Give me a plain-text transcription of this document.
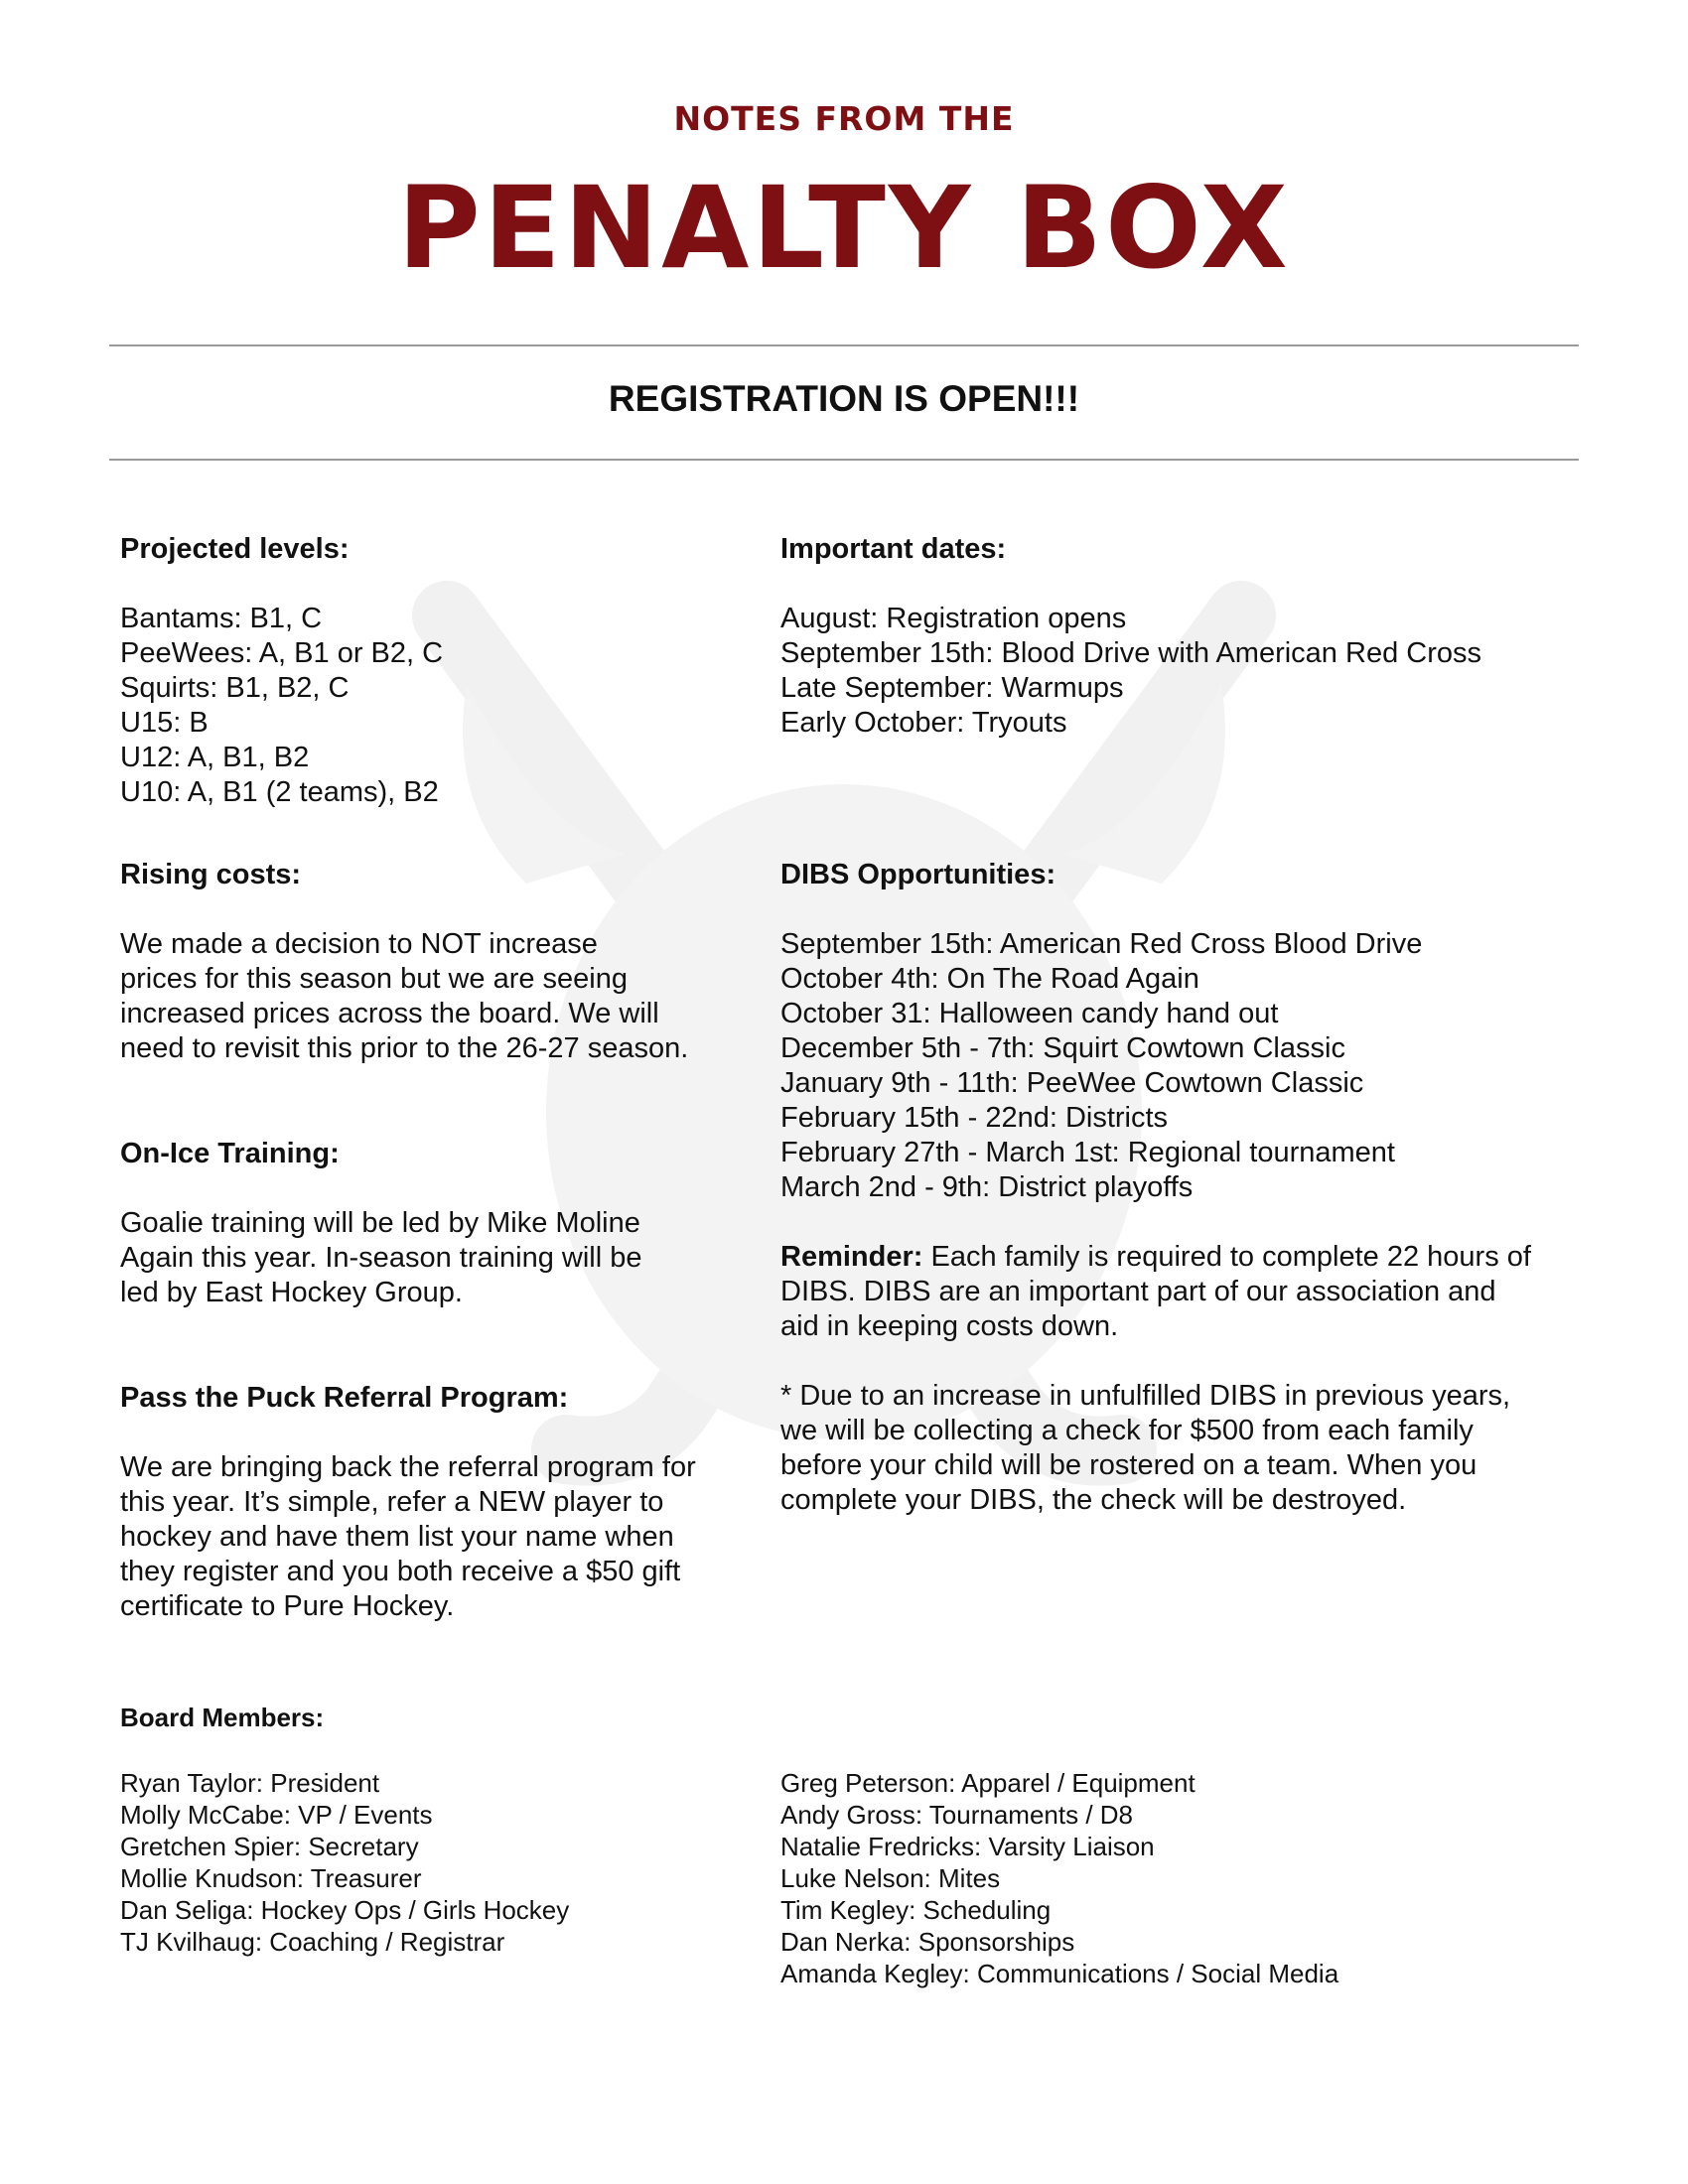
NOTES FROM THE
PENALTY BOX
REGISTRATION IS OPEN!!!

Projected levels:

Bantams: B1, C

PeeWees: A, B1 or B2, C

Squirts: B1, B2, C

U15: B

U12: A, B1, B2

U10: A, B1 (2 teams), B2

Rising costs:

We made a decision to NOT increase

prices for this season but we are seeing

increased prices across the board. We will

need to revisit this prior to the 26-27 season.

On-Ice Training:

Goalie training will be led by Mike Moline

Again this year. In-season training will be

led by East Hockey Group.

Pass the Puck Referral Program:

We are bringing back the referral program for

this year. It’s simple, refer a NEW player to

hockey and have them list your name when

they register and you both receive a $50 gift

certificate to Pure Hockey.

Important dates:

August: Registration opens

September 15th: Blood Drive with American Red Cross

Late September: Warmups

Early October: Tryouts

DIBS Opportunities:

September 15th: American Red Cross Blood Drive

October 4th: On The Road Again

October 31: Halloween candy hand out

December 5th - 7th: Squirt Cowtown Classic

January 9th - 11th: PeeWee Cowtown Classic

February 15th - 22nd: Districts

February 27th - March 1st: Regional tournament

March 2nd - 9th: District playoffs

Reminder: Each family is required to complete 22 hours of

DIBS. DIBS are an important part of our association and

aid in keeping costs down.

* Due to an increase in unfulfilled DIBS in previous years,

we will be collecting a check for $500 from each family

before your child will be rostered on a team. When you

complete your DIBS, the check will be destroyed.

Board Members:

Ryan Taylor: President

Molly McCabe: VP / Events

Gretchen Spier: Secretary

Mollie Knudson: Treasurer

Dan Seliga: Hockey Ops / Girls Hockey

TJ Kvilhaug: Coaching / Registrar

Greg Peterson: Apparel / Equipment

Andy Gross: Tournaments / D8

Natalie Fredricks: Varsity Liaison

Luke Nelson: Mites

Tim Kegley: Scheduling

Dan Nerka: Sponsorships

Amanda Kegley: Communications / Social Media
